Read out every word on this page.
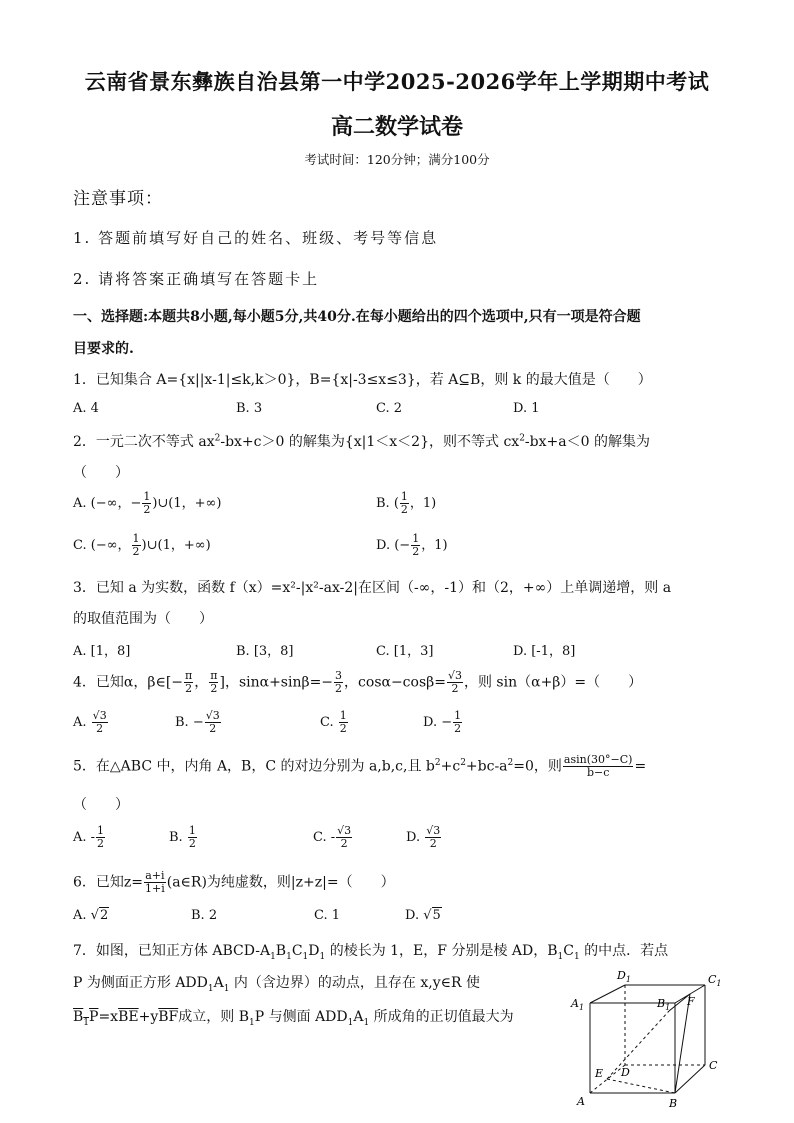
云南省景东彝族自治县第一中学2025-2026学年上学期期中考试
高二数学试卷
考试时间：120分钟；满分100分
注意事项：
1. 答题前填写好自己的姓名、班级、考号等信息
2. 请将答案正确填写在答题卡上
一、选择题:本题共8小题,每小题5分,共40分.在每小题给出的四个选项中,只有一项是符合题
目要求的.
1．已知集合 A={x||x-1|≤k,k＞0}，B={x|-3≤x≤3}，若 A⊆B，则 k 的最大值是（　　）
A. 4	B. 3	C. 2	D. 1
2．一元二次不等式 $ax^2-bx+c>0$ 的解集为{x|1＜x＜2}，则不等式 $cx^2-bx+a<0$ 的解集为
（　　）
A. (−∞，− $\frac{1}{2}$ )∪(1，+∞)	B. ( $\frac{1}{2}$ ，1)
C. (−∞， $\frac{1}{2}$ )∪(1，+∞)	D. (− $\frac{1}{2}$ ，1)
3．已知 a 为实数，函数 f（x）=x²-|x²-ax-2|在区间（-∞，-1）和（2，+∞）上单调递增，则 a
的取值范围为（　　）
A. [1，8]	B. [3，8]	C. [1，3]	D. [-1，8]
4．已知α，β∈[− $\frac{\pi}{2}$ ， $\frac{\pi}{2}$ ]，$\sin\alpha+\sin\beta=- \frac{3}{2}$ ，$\cos\alpha-\cos\beta= \frac{√3}{2}$ ，则 sin（α+β）=（　　）
A. $\frac{√3}{2}$	B. − $\frac{√3}{2}$	C. $\frac{1}{2}$	D. − $\frac{1}{2}$
5．在△ABC 中，内角 A，B，C 的对边分别为 a,b,c,且 $b^2+c^2+bc-a^2=0$，则 $\frac{asin(30^\circ-C)}{b-c}$ =
（　　）
A. - $\frac{1}{2}$	B. $\frac{1}{2}$	C. - $\frac{√3}{2}$	D. $\frac{√3}{2}$
6．已知$z= \frac{a+i}{1+i}$ (a∈R)为纯虚数，则|z+z|=（　　）
A. √2	B. 2	C. 1	D. √5
7．如图，已知正方体 ABCD-$A_1B_1C_1D_1$ 的棱长为 1，E，F 分别是棱 AD，$B_1C_1$ 的中点．若点
P 为侧面正方形 $ADD_1A_1$ 内（含边界）的动点，且存在 x,y∈R 使
$B_1P=x\overline{BE}+y\overline{BF}$成立，则 $B_1P$ 与侧面 $ADD_1A_1$ 所成角的正切值最大为
$D_1$	$C_1$
$B_1$
$A_1$	F
E D
C
A	B
